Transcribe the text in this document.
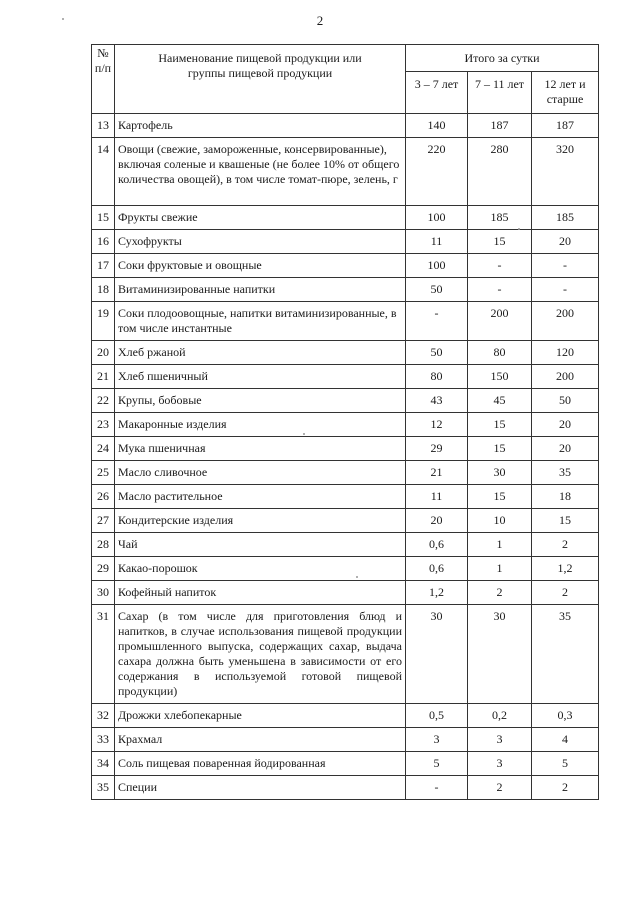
2
№ п/п	Наименование пищевой продукции или группы пищевой продукции	Итого за сутки		
		3 – 7 лет	7 – 11 лет	12 лет и старше
13	Картофель	140	187	187
14	Овощи (свежие, замороженные, консервированные), включая соленые и квашеные (не более 10% от общего количества овощей), в том числе томат-пюре, зелень, г	220	280	320
15	Фрукты свежие	100	185	185
16	Сухофрукты	11	15	20
17	Соки фруктовые и овощные	100	-	-
18	Витаминизированные напитки	50	-	-
19	Соки плодоовощные, напитки витаминизированные, в том числе инстантные	-	200	200
20	Хлеб ржаной	50	80	120
21	Хлеб пшеничный	80	150	200
22	Крупы, бобовые	43	45	50
23	Макаронные изделия	12	15	20
24	Мука пшеничная	29	15	20
25	Масло сливочное	21	30	35
26	Масло растительное	11	15	18
27	Кондитерские изделия	20	10	15
28	Чай	0,6	1	2
29	Какао-порошок	0,6	1	1,2
30	Кофейный напиток	1,2	2	2
31	Сахар (в том числе для приготовления блюд и напитков, в случае использования пищевой продукции промышленного выпуска, содержащих сахар, выдача сахара должна быть уменьшена в зависимости от его содержания в используемой готовой пищевой продукции)	30	30	35
32	Дрожжи хлебопекарные	0,5	0,2	0,3
33	Крахмал	3	3	4
34	Соль пищевая поваренная йодированная	5	3	5
35	Специи	-	2	2
